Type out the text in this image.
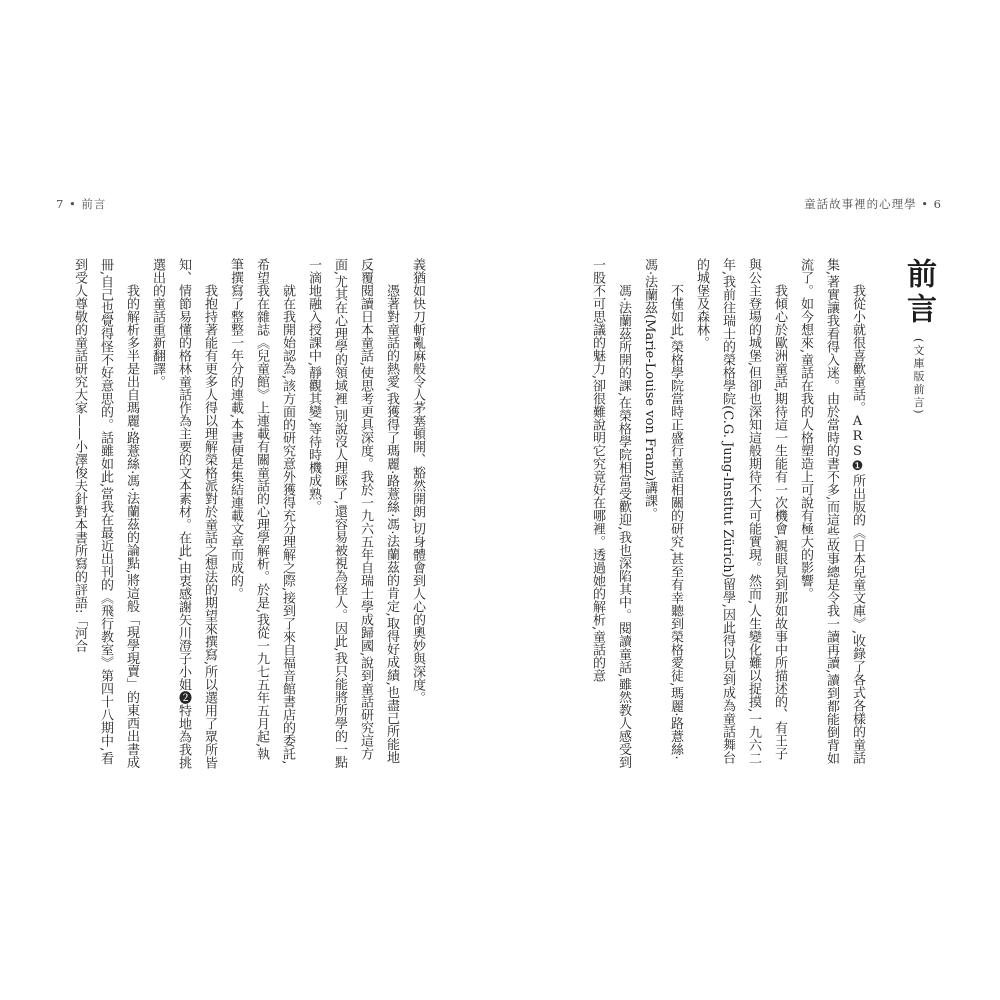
7 • 前言	童話故事裡的心理學 • 6
前言(文庫版前言)

我從小就很喜歡童話。ARS❶所出版的《日本兒童文庫》,收錄了各式各樣的童話集,著實讓我看得入迷。由於當時的書不多,而這些故事總是令我一讀再讀,讀到都能倒背如流了。如今想來,童話在我的人格塑造上可說有極大的影響。

我傾心於歐洲童話,期待這一生能有一次機會,親眼見到那如故事中所描述的、有王子與公主登場的城堡,但卻也深知這般期待不大可能實現。然而,人生變化難以捉摸,一九六二年,我前往瑞士的榮格學院(C.G. Jung-Institut Zürich)留學,因此得以見到成為童話舞台的城堡及森林。

不僅如此,榮格學院當時正盛行童話相關的研究,甚至有幸聽到榮格愛徒,瑪麗‧路薏絲‧馮‧法蘭茲(Marie-Louise von Franz)講課。

馮‧法蘭茲所開的課,在榮格學院相當受歡迎,我也深陷其中。閱讀童話,雖然教人感受到一股不可思議的魅力,卻很難說明它究竟好在哪裡。透過她的解析,童話的意

義猶如快刀斬亂麻般令人茅塞頓開、豁然開朗,切身體會到人心的奧妙與深度。

憑著對童話的熱愛,我獲得了瑪麗‧路薏絲‧馮‧法蘭茲的肯定,取得好成績,也盡己所能地反覆閱讀日本童話,使思考更具深度。我於一九六五年自瑞士學成歸國,說到童話研究這方面,尤其在心理學的領域裡,別說沒人理睬了,還容易被視為怪人。因此,我只能將所學的一點一滴地融入授課中,靜觀其變,等待時機成熟。

就在我開始認為,該方面的研究意外獲得充分理解之際,接到了來自福音館書店的委託,希望我在雜誌《兒童館》上連載有關童話的心理學解析。於是,我從一九七五年五月起,執筆撰寫了整整一年分的連載,本書便是集結連載文章而成的。

我抱持著能有更多人得以理解榮格派對於童話之想法的期望來撰寫,所以選用了眾所皆知、情節易懂的格林童話作為主要的文本素材。在此,由衷感謝矢川澄子小姐❷特地為我挑選出的童話重新翻譯。

我的解析多半是出自瑪麗‧路薏絲‧馮‧法蘭茲的論點,將這般「現學現賣」的東西出書成冊,自己也覺得怪不好意思的。話雖如此,當我在最近出刊的《飛行教室》第四十八期中,看到受人尊敬的童話研究大家——小澤俊夫針對本書所寫的評語:「河合
